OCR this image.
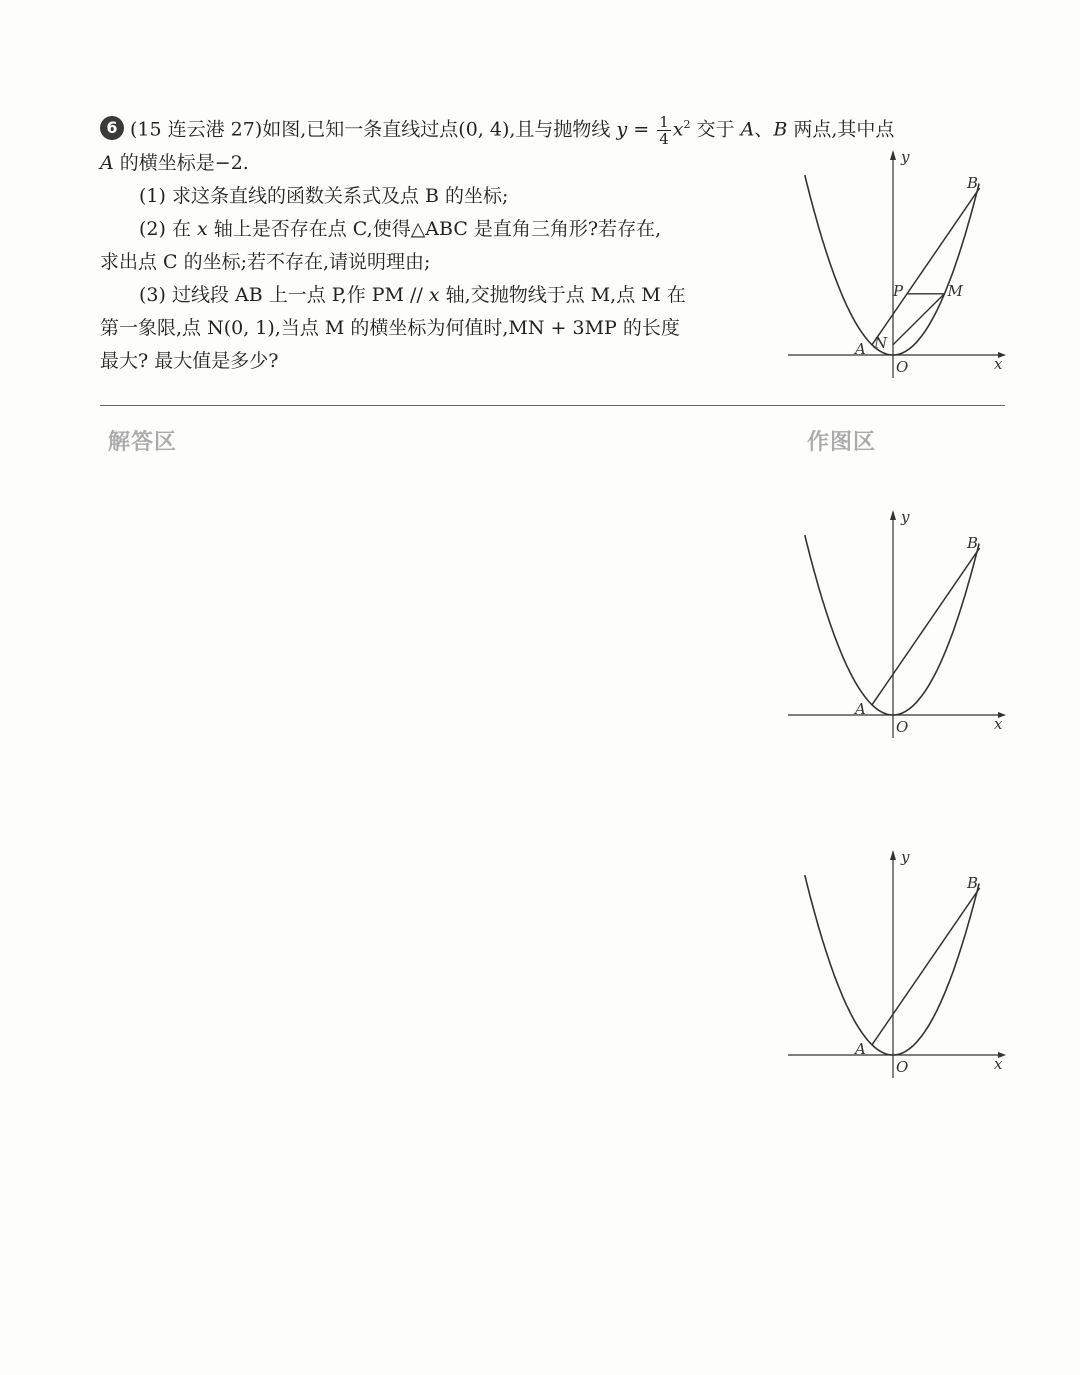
6 (15 连云港 27)如图,已知一条直线过点(0, 4),且与抛物线 $y = \frac{1}{4} x^2$ 交于 A、B 两点,其中点

A 的横坐标是−2.

(1) 求这条直线的函数关系式及点 B 的坐标;

(2) 在 x 轴上是否存在点 C,使得△ABC 是直角三角形?若存在,

求出点 C 的坐标;若不存在,请说明理由;

(3) 过线段 AB 上一点 P,作 PM // x 轴,交抛物线于点 M,点 M 在

第一象限,点 N(0, 1),当点 M 的横坐标为何值时,MN + 3MP 的长度

最大? 最大值是多少?

解答区	作图区
A
B
O	x
y
P	M
N
A
B
O	x
y
A
B
O	x
y
